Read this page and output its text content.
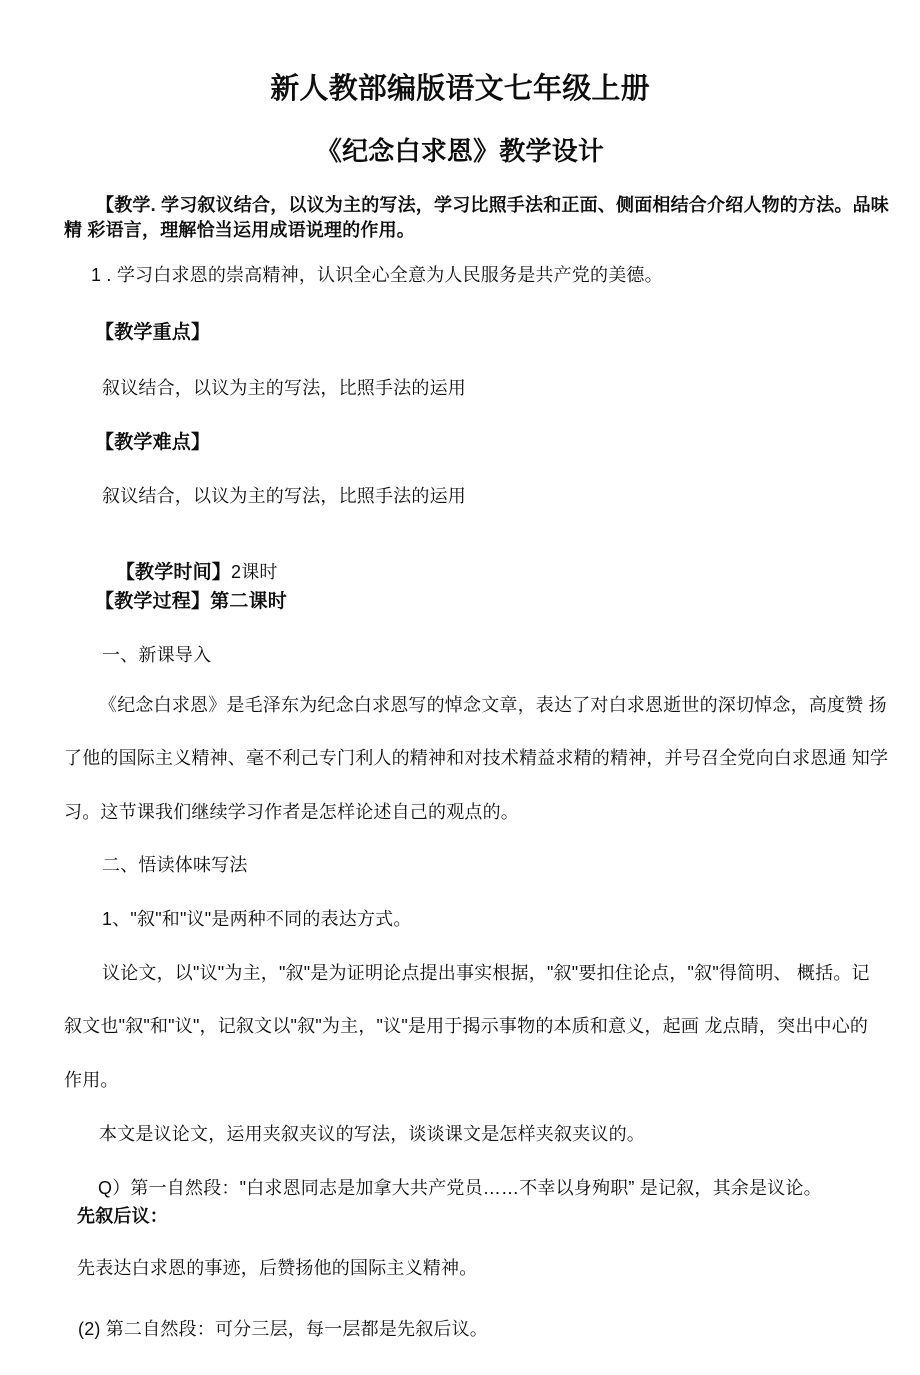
新人教部编版语文七年级上册
《纪念白求恩》教学设计
【教学. 学习叙议结合，以议为主的写法，学习比照手法和正面、侧面相结合介绍人物的方法。品味
精 彩语言，理解恰当运用成语说理的作用。
1 . 学习白求恩的崇高精神，认识全心全意为人民服务是共产党的美德。
【教学重点】
叙议结合，以议为主的写法，比照手法的运用
【教学难点】
叙议结合，以议为主的写法，比照手法的运用

【教学时间】2课时

【教学过程】第二课时
一、新课导入
《纪念白求恩》是毛泽东为纪念白求恩写的悼念文章，表达了对白求恩逝世的深切悼念，高度赞 扬
了他的国际主义精神、毫不利己专门利人的精神和对技术精益求精的精神，并号召全党向白求恩通 知学
习。这节课我们继续学习作者是怎样论述自己的观点的。
二、悟读体味写法
1、"叙"和"议"是两种不同的表达方式。
议论文，以"议"为主，"叙"是为证明论点提出事实根据，"叙"要扣住论点，"叙"得简明、 概括。记
叙文也"叙"和"议"，记叙文以"叙"为主，"议"是用于揭示事物的本质和意义，起画 龙点睛，突出中心的
作用。
本文是议论文，运用夹叙夹议的写法，谈谈课文是怎样夹叙夹议的。
Q）第一自然段："白求恩同志是加拿大共产党员……不幸以身殉职” 是记叙，其余是议论。
先叙后议：
先表达白求恩的事迹，后赞扬他的国际主义精神。
(2) 第二自然段：可分三层，每一层都是先叙后议。
